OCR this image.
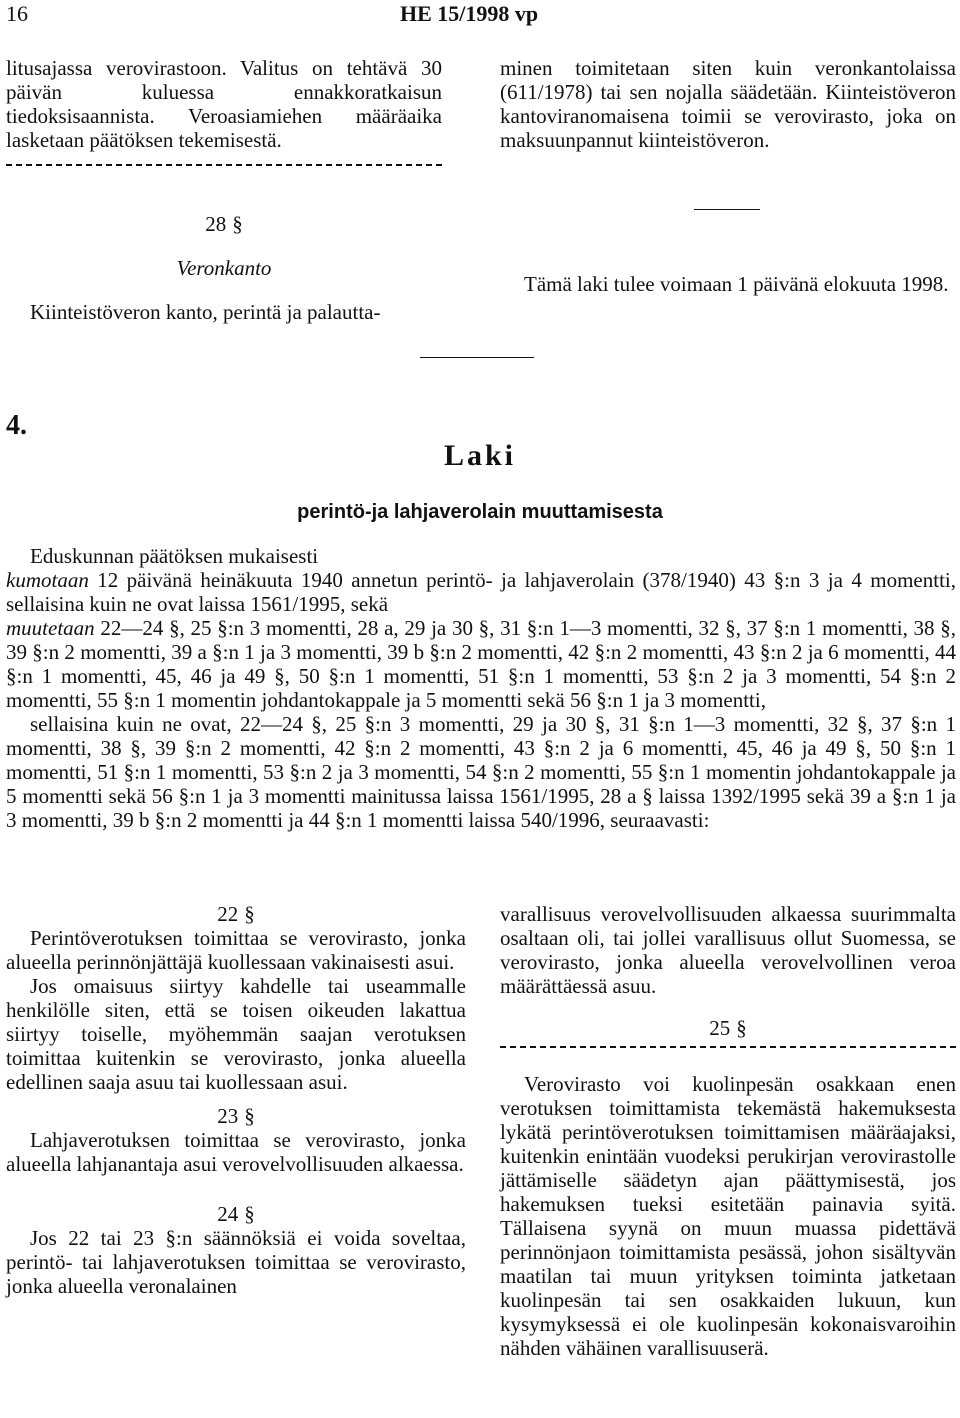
16	HE 15/1998 vp

litusajassa verovirastoon. Valitus on tehtävä 30 päivän kuluessa ennakkoratkaisun tiedoksisaannista. Veroasiamiehen määräaika lasketaan päätöksen tekemisestä.

28 §
Veronkanto

Kiinteistöveron kanto, perintä ja palautta-

minen toimitetaan siten kuin veronkantolaissa (611/1978) tai sen nojalla säädetään. Kiinteistöveron kantoviranomaisena toimii se verovirasto, joka on maksuunpannut kiinteistöveron.

Tämä laki tulee voimaan 1 päivänä elokuuta 1998.

4.
Laki
perintö-ja lahjaverolain muuttamisesta

Eduskunnan päätöksen mukaisesti

kumotaan 12 päivänä heinäkuuta 1940 annetun perintö- ja lahjaverolain (378/1940) 43 §:n 3 ja 4 momentti, sellaisina kuin ne ovat laissa 1561/1995, sekä

muutetaan 22—24 §, 25 §:n 3 momentti, 28 a, 29 ja 30 §, 31 §:n 1—3 momentti, 32 §, 37 §:n 1 momentti, 38 §, 39 §:n 2 momentti, 39 a §:n 1 ja 3 momentti, 39 b §:n 2 momentti, 42 §:n 2 momentti, 43 §:n 2 ja 6 momentti, 44 §:n 1 momentti, 45, 46 ja 49 §, 50 §:n 1 momentti, 51 §:n 1 momentti, 53 §:n 2 ja 3 momentti, 54 §:n 2 momentti, 55 §:n 1 momentin johdantokappale ja 5 momentti sekä 56 §:n 1 ja 3 momentti,

sellaisina kuin ne ovat, 22—24 §, 25 §:n 3 momentti, 29 ja 30 §, 31 §:n 1—3 momentti, 32 §, 37 §:n 1 momentti, 38 §, 39 §:n 2 momentti, 42 §:n 2 momentti, 43 §:n 2 ja 6 momentti, 45, 46 ja 49 §, 50 §:n 1 momentti, 51 §:n 1 momentti, 53 §:n 2 ja 3 momentti, 54 §:n 2 momentti, 55 §:n 1 momentin johdantokappale ja 5 momentti sekä 56 §:n 1 ja 3 momentti mainitussa laissa 1561/1995, 28 a § laissa 1392/1995 sekä 39 a §:n 1 ja 3 momentti, 39 b §:n 2 momentti ja 44 §:n 1 momentti laissa 540/1996, seuraavasti:

22 §

Perintöverotuksen toimittaa se verovirasto, jonka alueella perinnönjättäjä kuollessaan vakinaisesti asui.

Jos omaisuus siirtyy kahdelle tai useammalle henkilölle siten, että se toisen oikeuden lakattua siirtyy toiselle, myöhemmän saajan verotuksen toimittaa kuitenkin se verovirasto, jonka alueella edellinen saaja asuu tai kuollessaan asui.

23 §

Lahjaverotuksen toimittaa se verovirasto, jonka alueella lahjanantaja asui verovelvollisuuden alkaessa.

24 §

Jos 22 tai 23 §:n säännöksiä ei voida soveltaa, perintö- tai lahjaverotuksen toimittaa se verovirasto, jonka alueella veronalainen

varallisuus verovelvollisuuden alkaessa suurimmalta osaltaan oli, tai jollei varallisuus ollut Suomessa, se verovirasto, jonka alueella verovelvollinen veroa määrättäessä asuu.

25 §

Verovirasto voi kuolinpesän osakkaan enen verotuksen toimittamista tekemästä hakemuksesta lykätä perintöverotuksen toimittamisen määräajaksi, kuitenkin enintään vuodeksi perukirjan verovirastolle jättämiselle säädetyn ajan päättymisestä, jos hakemuksen tueksi esitetään painavia syitä. Tällaisena syynä on muun muassa pidettävä perinnönjaon toimittamista pesässä, johon sisältyvän maatilan tai muun yrityksen toiminta jatketaan kuolinpesän tai sen osakkaiden lukuun, kun kysymyksessä ei ole kuolinpesän kokonaisvaroihin nähden vähäinen varallisuuserä.
